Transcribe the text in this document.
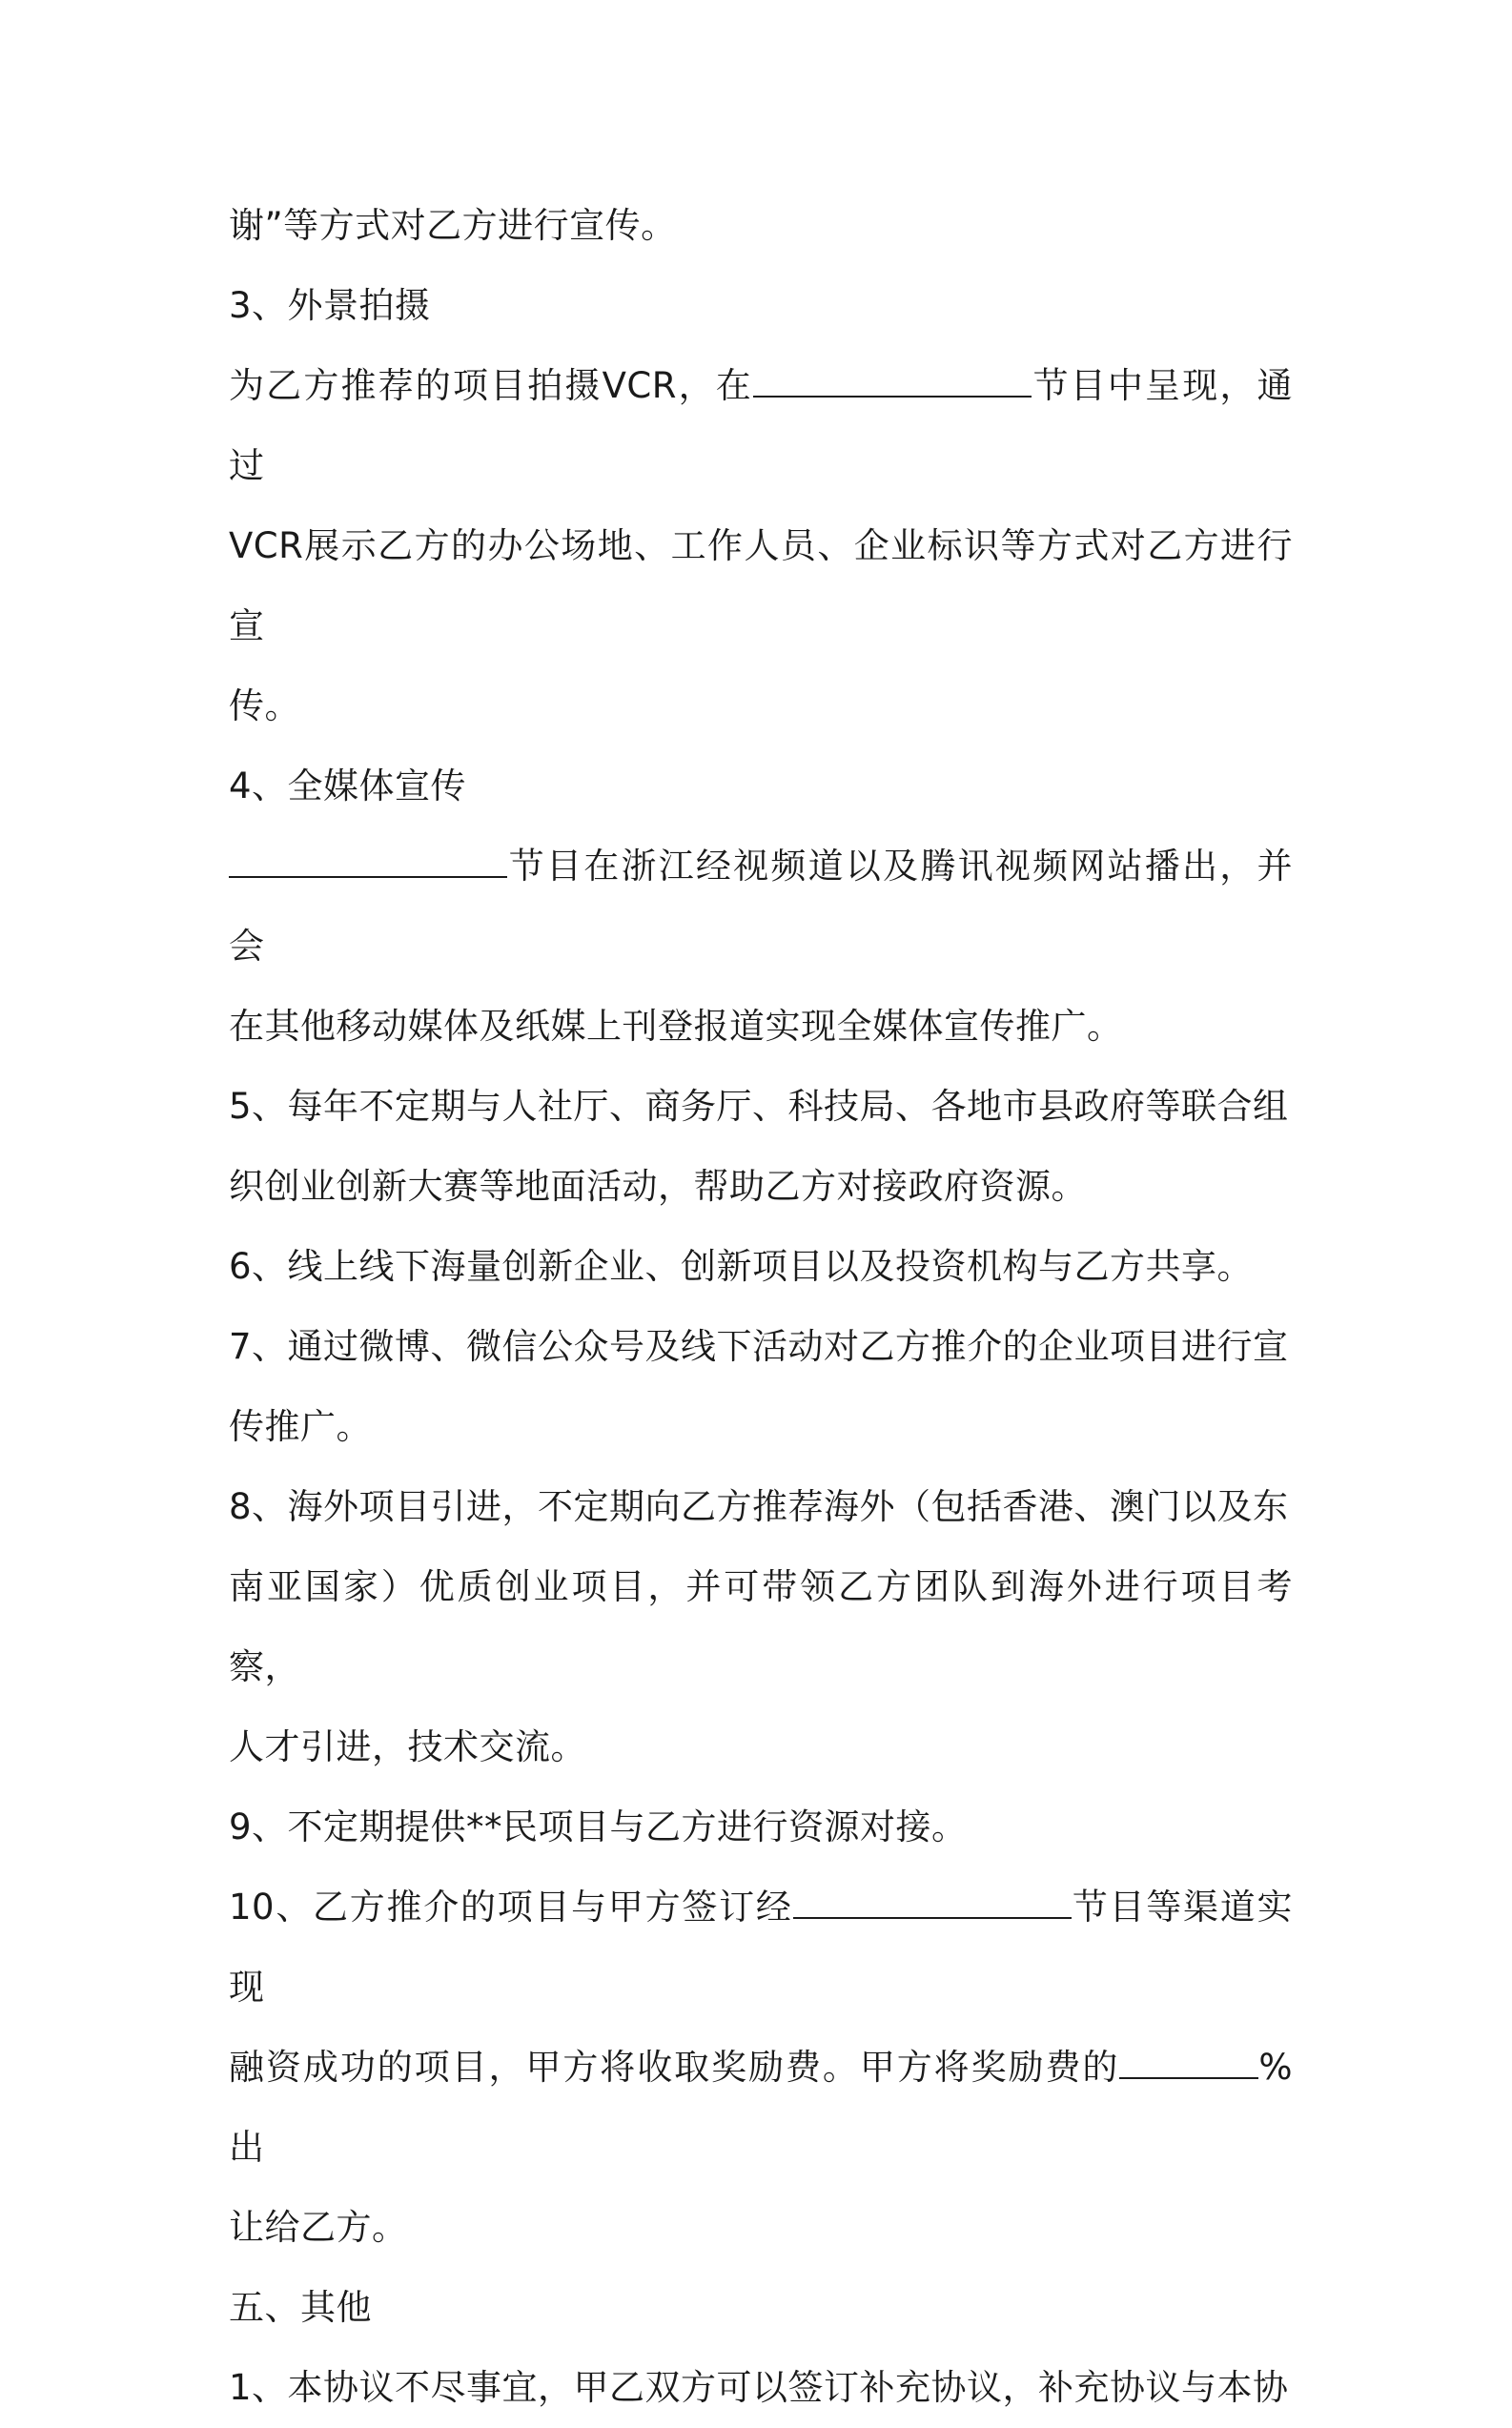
谢”等方式对乙方进行宣传。

3、外景拍摄

为乙方推荐的项目拍摄VCR，在	节目中呈现，通过

VCR展示乙方的办公场地、工作人员、企业标识等方式对乙方进行宣

传。

4、全媒体宣传

节目在浙江经视频道以及腾讯视频网站播出，并会

在其他移动媒体及纸媒上刊登报道实现全媒体宣传推广。

5、每年不定期与人社厅、商务厅、科技局、各地市县政府等联合组

织创业创新大赛等地面活动，帮助乙方对接政府资源。

6、线上线下海量创新企业、创新项目以及投资机构与乙方共享。

7、通过微博、微信公众号及线下活动对乙方推介的企业项目进行宣

传推广。

8、海外项目引进，不定期向乙方推荐海外（包括香港、澳门以及东

南亚国家）优质创业项目，并可带领乙方团队到海外进行项目考察，

人才引进，技术交流。

9、不定期提供**民项目与乙方进行资源对接。

10、乙方推介的项目与甲方签订经	节目等渠道实现

融资成功的项目，甲方将收取奖励费。甲方将奖励费的	%出

让给乙方。

五、其他

1、本协议不尽事宜，甲乙双方可以签订补充协议，补充协议与本协
